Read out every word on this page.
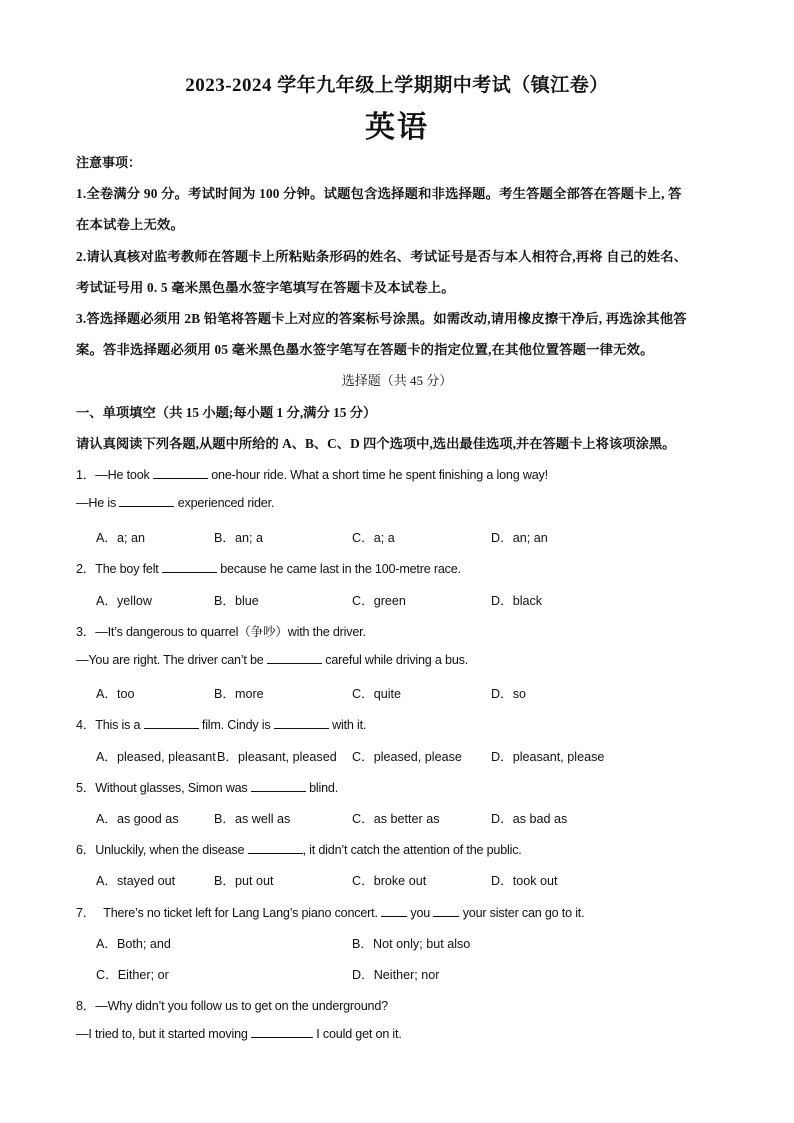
2023-2024 学年九年级上学期期中考试（镇江卷）
英语
注意事项：
1.全卷满分 90 分。考试时间为 100 分钟。试题包含选择题和非选择题。考生答题全部答在答题卡上, 答
在本试卷上无效。
2.请认真核对监考教师在答题卡上所粘贴条形码的姓名、考试证号是否与本人相符合,再将 自己的姓名、
考试证号用 0. 5 毫米黑色墨水签字笔填写在答题卡及本试卷上。
3.答选择题必须用 2B 铅笔将答题卡上对应的答案标号涂黑。如需改动,请用橡皮擦干净后, 再选涂其他答
案。答非选择题必须用 05 毫米黑色墨水签字笔写在答题卡的指定位置,在其他位置答题一律无效。
选择题（共 45 分）
一、单项填空（共 15 小题;每小题 1 分,满分 15 分）
请认真阅读下列各题,从题中所给的 A、B、C、D 四个选项中,选出最佳选项,并在答题卡上将该项涂黑。
1．—He took	one-hour ride. What a short time he spent finishing a long way!
—He is	experienced rider.
A．a; an	B．an; a	C．a; a	D．an; an
2．The boy felt	because he came last in the 100-metre race.
A．yellow	B．blue	C．green	D．black
3．—It’s dangerous to quarrel（争吵）with the driver.
—You are right. The driver can’t be	careful while driving a bus.
A．too	B．more	C．quite	D．so
4．This is a	film. Cindy is	with it.
A．pleased, pleasant B．pleasant, pleased C．pleased, please D．pleasant, please
5．Without glasses, Simon was	blind.
A．as good as	B．as well as	C．as better as	D．as bad as
6．Unluckily, when the disease	, it didn’t catch the attention of the public.
A．stayed out	B．put out	C．broke out	D．took out
7． There’s no ticket left for Lang Lang’s piano concert.  you  your sister can go to it.
A．Both; and	B．Not only; but also
C．Either; or	D．Neither; nor
8．—Why didn’t you follow us to get on the underground?
—I tried to, but it started moving	I could get on it.
